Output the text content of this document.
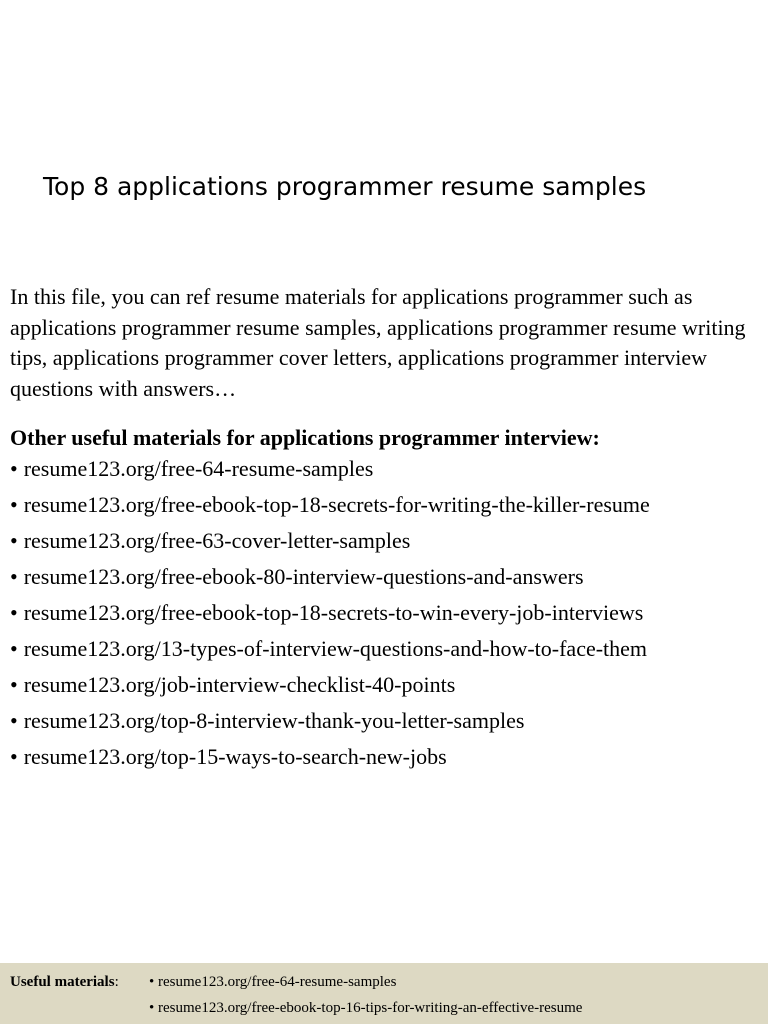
Top 8 applications programmer resume samples

In this file, you can ref resume materials for applications programmer such as applications programmer resume samples, applications programmer resume writing tips, applications programmer cover letters, applications programmer interview questions with answers…

Other useful materials for applications programmer interview:
• resume123.org/free-64-resume-samples
• resume123.org/free-ebook-top-18-secrets-for-writing-the-killer-resume
• resume123.org/free-63-cover-letter-samples
• resume123.org/free-ebook-80-interview-questions-and-answers
• resume123.org/free-ebook-top-18-secrets-to-win-every-job-interviews
• resume123.org/13-types-of-interview-questions-and-how-to-face-them
• resume123.org/job-interview-checklist-40-points
• resume123.org/top-8-interview-thank-you-letter-samples
• resume123.org/top-15-ways-to-search-new-jobs
Useful materials: • resume123.org/free-64-resume-samples
• resume123.org/free-ebook-top-16-tips-for-writing-an-effective-resume
